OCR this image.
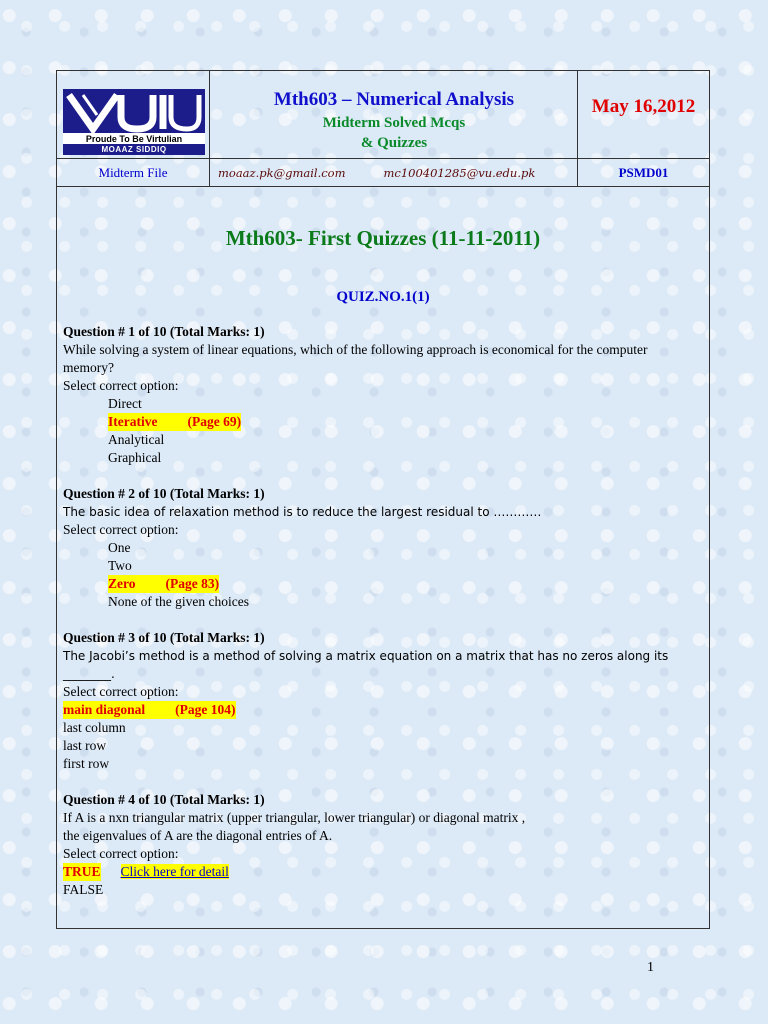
Proude To Be Virtulian
MOAAZ SIDDIQ
Mth603 – Numerical Analysis
Midterm Solved Mcqs
& Quizzes
May 16,2012
Midterm File	moaaz.pk@gmail.com	mc100401285@vu.edu.pk	PSMD01
Mth603- First Quizzes (11-11-2011)
QUIZ.NO.1(1)
Question # 1 of 10 (Total Marks: 1)
While solving a system of linear equations, which of the following approach is economical for the computer memory?
Select correct option:
Direct
Iterative (Page 69)
Analytical
Graphical
Question # 2 of 10 (Total Marks: 1)
The basic idea of relaxation method is to reduce the largest residual to …………
Select correct option:
One
Two
Zero (Page 83)
None of the given choices
Question # 3 of 10 (Total Marks: 1)
The Jacobi’s method is a method of solving a matrix equation on a matrix that has no zeros along its ________.
Select correct option:
main diagonal (Page 104)
last column
last row
first row
Question # 4 of 10 (Total Marks: 1)
If A is a nxn triangular matrix (upper triangular, lower triangular) or diagonal matrix ,
the eigenvalues of A are the diagonal entries of A.
Select correct option:
TRUE Click here for detail
FALSE
1
